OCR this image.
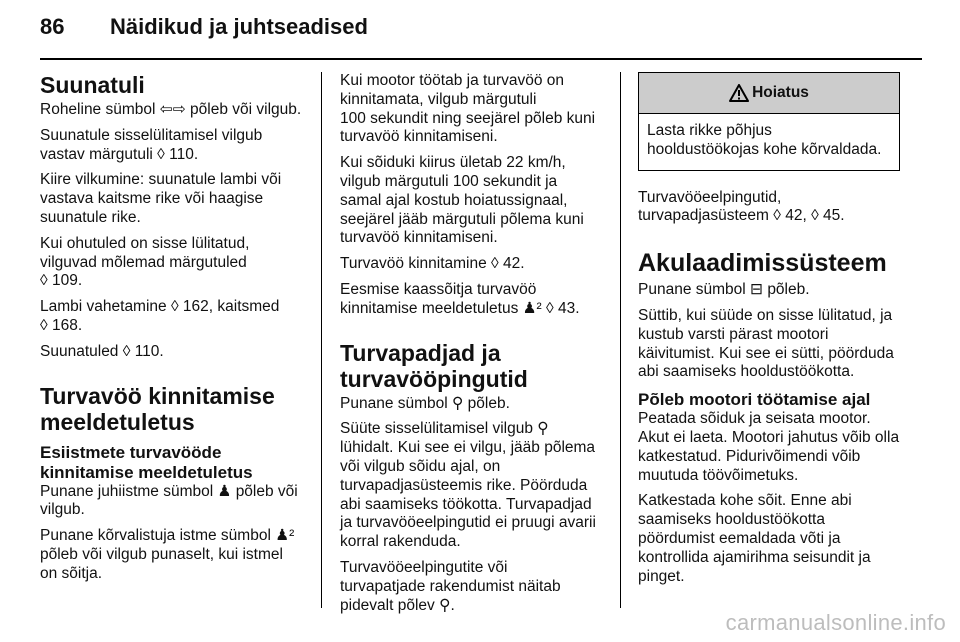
86	Näidikud ja juhtseadised
Suunatuli

Roheline sümbol ⇦⇨ põleb või vilgub.

Suunatule sisselülitamisel vilgub
vastav märgutuli ◊ 110.

Kiire vilkumine: suunatule lambi või
vastava kaitsme rike või haagise
suunatule rike.

Kui ohutuled on sisse lülitatud,
vilguvad mõlemad märgutuled
◊ 109.

Lambi vahetamine ◊ 162, kaitsmed
◊ 168.

Suunatuled ◊ 110.

Turvavöö kinnitamise
meeldetuletus
Esiistmete turvavööde
kinnitamise meeldetuletus

Punane juhiistme sümbol ♟ põleb või
vilgub.

Punane kõrvalistuja istme sümbol ♟²
põleb või vilgub punaselt, kui istmel
on sõitja.

Kui mootor töötab ja turvavöö on
kinnitamata, vilgub märgutuli
100 sekundit ning seejärel põleb kuni
turvavöö kinnitamiseni.

Kui sõiduki kiirus ületab 22 km/h,
vilgub märgutuli 100 sekundit ja
samal ajal kostub hoiatussignaal,
seejärel jääb märgutuli põlema kuni
turvavöö kinnitamiseni.

Turvavöö kinnitamine ◊ 42.

Eesmise kaassõitja turvavöö
kinnitamise meeldetuletus ♟² ◊ 43.

Turvapadjad ja
turvavööpingutid

Punane sümbol ⚲ põleb.

Süüte sisselülitamisel vilgub ⚲
lühidalt. Kui see ei vilgu, jääb põlema
või vilgub sõidu ajal, on
turvapadjasüsteemis rike. Pöörduda
abi saamiseks töökotta. Turvapadjad
ja turvavööeelpingutid ei pruugi avarii
korral rakenduda.

Turvavööeelpingutite või
turvapatjade rakendumist näitab
pidevalt põlev ⚲.

Hoiatus
Lasta rikke põhjus
hooldustöökojas kohe kõrvaldada.

Turvavööeelpingutid,
turvapadjasüsteem ◊ 42, ◊ 45.

Akulaadimissüsteem

Punane sümbol ⊟ põleb.

Süttib, kui süüde on sisse lülitatud, ja
kustub varsti pärast mootori
käivitumist. Kui see ei sütti, pöörduda
abi saamiseks hooldustöökotta.

Põleb mootori töötamise ajal

Peatada sõiduk ja seisata mootor.
Akut ei laeta. Mootori jahutus võib olla
katkestatud. Pidurivõimendi võib
muutuda töövõimetuks.

Katkestada kohe sõit. Enne abi
saamiseks hooldustöökotta
pöördumist eemaldada võti ja
kontrollida ajamirihma seisundit ja
pinget.

carmanualsonline.info
